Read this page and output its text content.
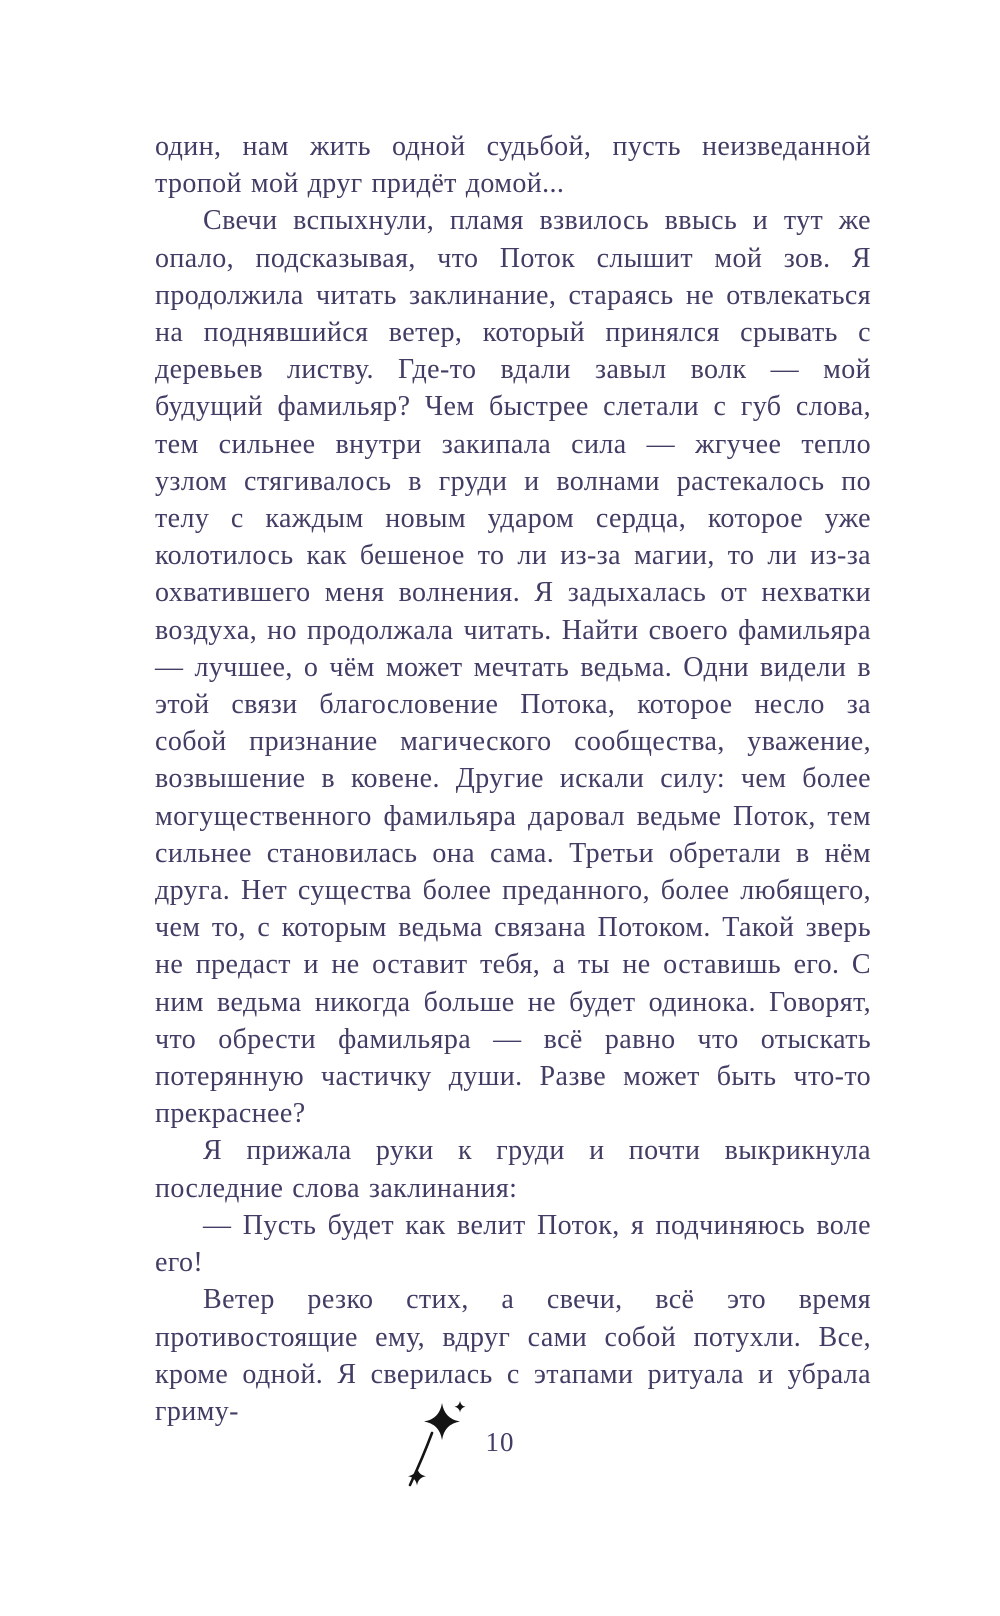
один, нам жить одной судьбой, пусть неизведанной тропой мой друг придёт домой...

Свечи вспыхнули, пламя взвилось ввысь и тут же опало, подсказывая, что Поток слышит мой зов. Я продолжила читать заклинание, стараясь не отвлекаться на поднявшийся ветер, который принялся срывать с деревьев листву. Где-то вдали завыл волк — мой будущий фамильяр? Чем быстрее слетали с губ слова, тем сильнее внутри закипала сила — жгучее тепло узлом стягивалось в груди и волнами растекалось по телу с каждым новым ударом сердца, которое уже колотилось как бешеное то ли из-за магии, то ли из-за охватившего меня волнения. Я задыхалась от нехватки воздуха, но продолжала читать. Найти своего фамильяра — лучшее, о чём может мечтать ведьма. Одни видели в этой связи благословение Потока, которое несло за собой признание магического сообщества, уважение, возвышение в ковене. Другие искали силу: чем более могущественного фамильяра даровал ведьме Поток, тем сильнее становилась она сама. Третьи обретали в нём друга. Нет существа более преданного, более любящего, чем то, с которым ведьма связана Потоком. Такой зверь не предаст и не оставит тебя, а ты не оставишь его. С ним ведьма никогда больше не будет одинока. Говорят, что обрести фамильяра — всё равно что отыскать потерянную частичку души. Разве может быть что-то прекраснее?

Я прижала руки к груди и почти выкрикнула последние слова заклинания:

— Пусть будет как велит Поток, я подчиняюсь воле его!

Ветер резко стих, а свечи, всё это время противостоящие ему, вдруг сами собой потухли. Все, кроме одной. Я сверилась с этапами ритуала и убрала гриму-

10
